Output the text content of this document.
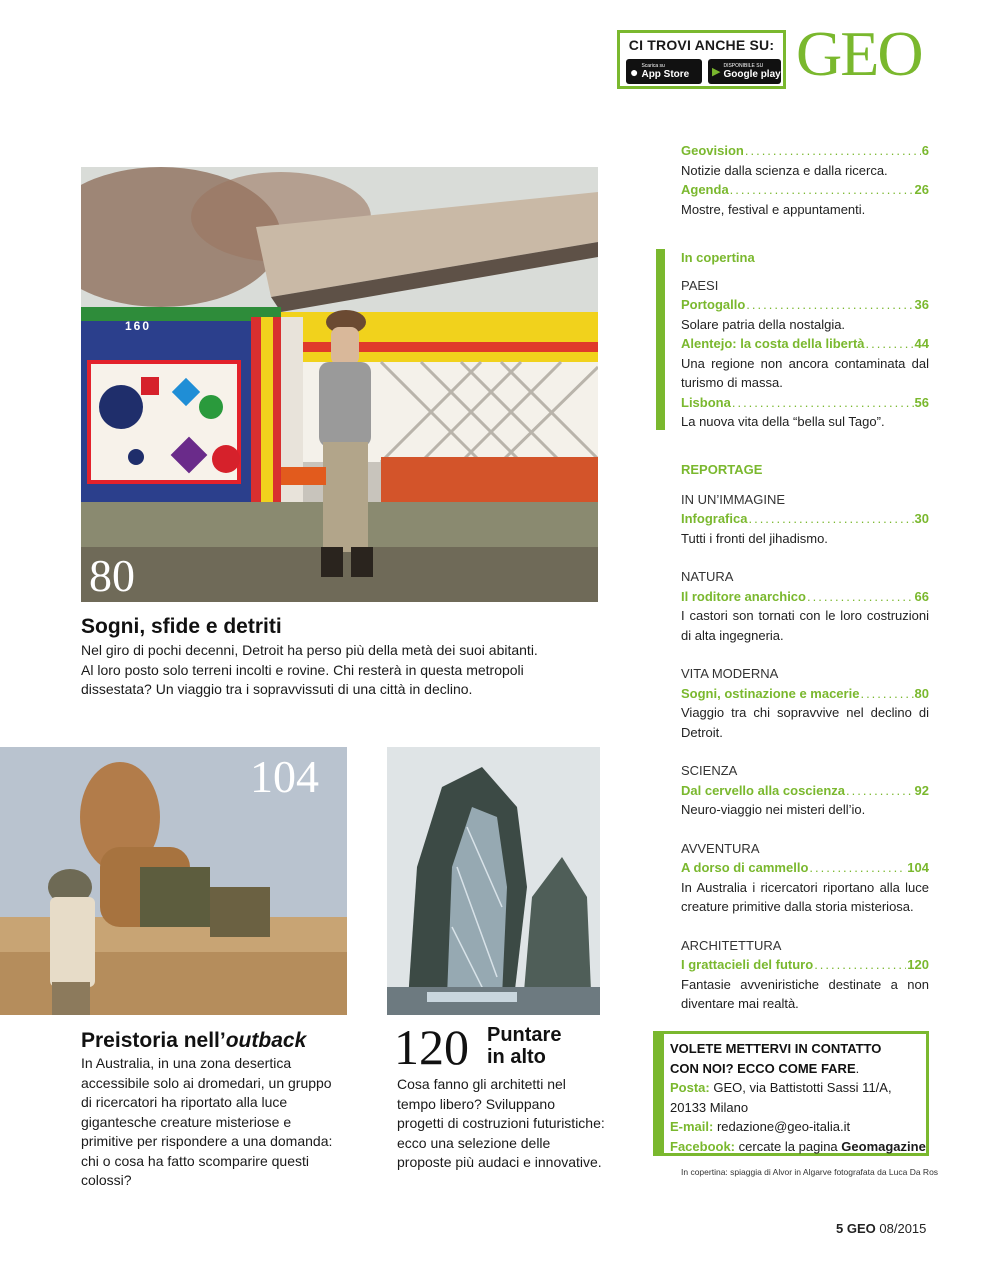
CI TROVI ANCHE SU:
● Scarica su
App Store ▶ DISPONIBILE SU
Google play GEO
Geovision .....	6
Notizie dalla scienza e dalla ricerca.
Agenda .....	26
Mostre, festival e appuntamenti.
In copertina
PAESI
Portogallo .....	36
Solare patria della nostalgia.
Alentejo: la costa della libertà .....	44
Una regione non ancora contaminata dal turismo di massa.
Lisbona .....	56
La nuova vita della “bella sul Tago”.
REPORTAGE
IN UN’IMMAGINE
Infografica .....	30
Tutti i fronti del jihadismo.
NATURA
Il roditore anarchico .....	66
I castori son tornati con le loro costruzioni di alta ingegneria.
VITA MODERNA
Sogni, ostinazione e macerie .....	80
Viaggio tra chi sopravvive nel declino di Detroit.
SCIENZA
Dal cervello alla coscienza .....	92
Neuro-viaggio nei misteri dell’io.
AVVENTURA
A dorso di cammello .....	104
In Australia i ricercatori riportano alla luce creature primitive dalla storia misteriosa.
ARCHITETTURA
I grattacieli del futuro .....	120
Fantasie avveniristiche destinate a non diventare mai realtà.
160
80
Sogni, sfide e detriti
Nel giro di pochi decenni, Detroit ha perso più della metà dei suoi abitanti. Al loro posto solo terreni incolti e rovine. Chi resterà in questa metropoli dissestata? Un viaggio tra i sopravvissuti di una città in declino.
104
Preistoria nell’outback
In Australia, in una zona desertica accessibile solo ai dromedari, un gruppo di ricercatori ha riportato alla luce gigantesche creature misteriose e primitive per rispondere a una domanda: chi o cosa ha fatto scomparire questi colossi?
120 Puntare
in alto
Cosa fanno gli architetti nel tempo libero? Sviluppano progetti di costruzioni futuristiche: ecco una selezione delle proposte più audaci e innovative.
VOLETE METTERVI IN CONTATTO
CON NOI? ECCO COME FARE.
Posta: GEO, via Battistotti Sassi 11/A,
20133 Milano
E-mail: redazione@geo-italia.it
Facebook: cercate la pagina Geomagazine
In copertina: spiaggia di Alvor in Algarve fotografata da Luca Da Ros
5 GEO 08/2015
